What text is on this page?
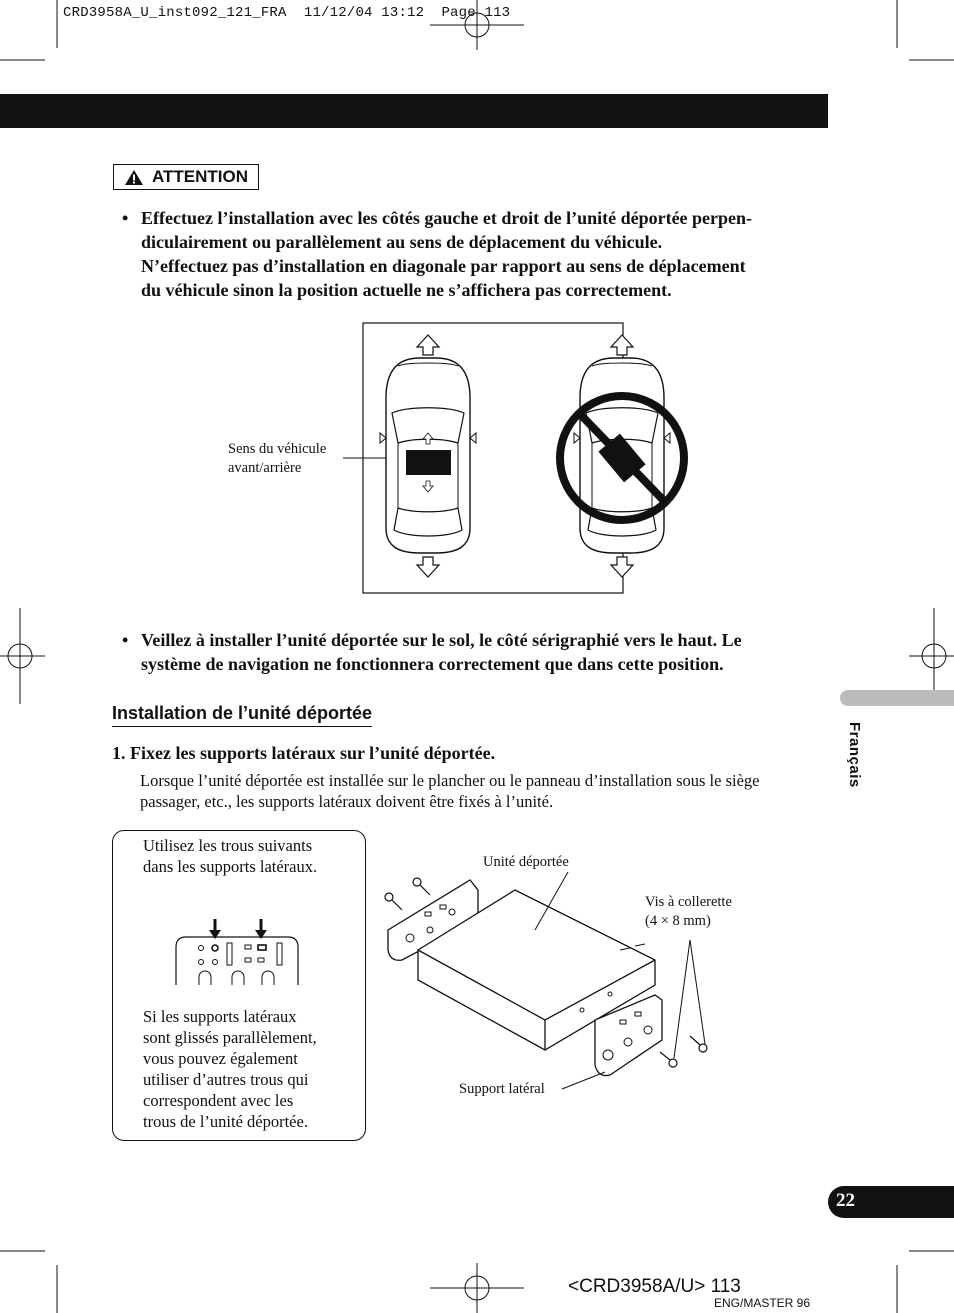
CRD3958A_U_inst092_121_FRA  11/12/04 13:12  Page 113
ATTENTION
• Effectuez l’installation avec les côtés gauche et droit de l’unité déportée perpen-
diculairement ou parallèlement au sens de déplacement du véhicule.
N’effectuez pas d’installation en diagonale par rapport au sens de déplacement
du véhicule sinon la position actuelle ne s’affichera pas correctement.
Sens du véhicule
avant/arrière
• Veillez à installer l’unité déportée sur le sol, le côté sérigraphié vers le haut. Le
système de navigation ne fonctionnera correctement que dans cette position.
Installation de l’unité déportée
1. Fixez les supports latéraux sur l’unité déportée.
Lorsque l’unité déportée est installée sur le plancher ou le panneau d’installation sous le siège passager, etc., les supports latéraux doivent être fixés à l’unité.
Utilisez les trous suivants
dans les supports latéraux.
Si les supports latéraux
sont glissés parallèlement,
vous pouvez également
utiliser d’autres trous qui
correspondent avec les
trous de l’unité déportée.
Unité déportée
Vis à collerette
(4 × 8 mm)
Support latéral
Français
22
<CRD3958A/U> 113
ENG/MASTER 96
